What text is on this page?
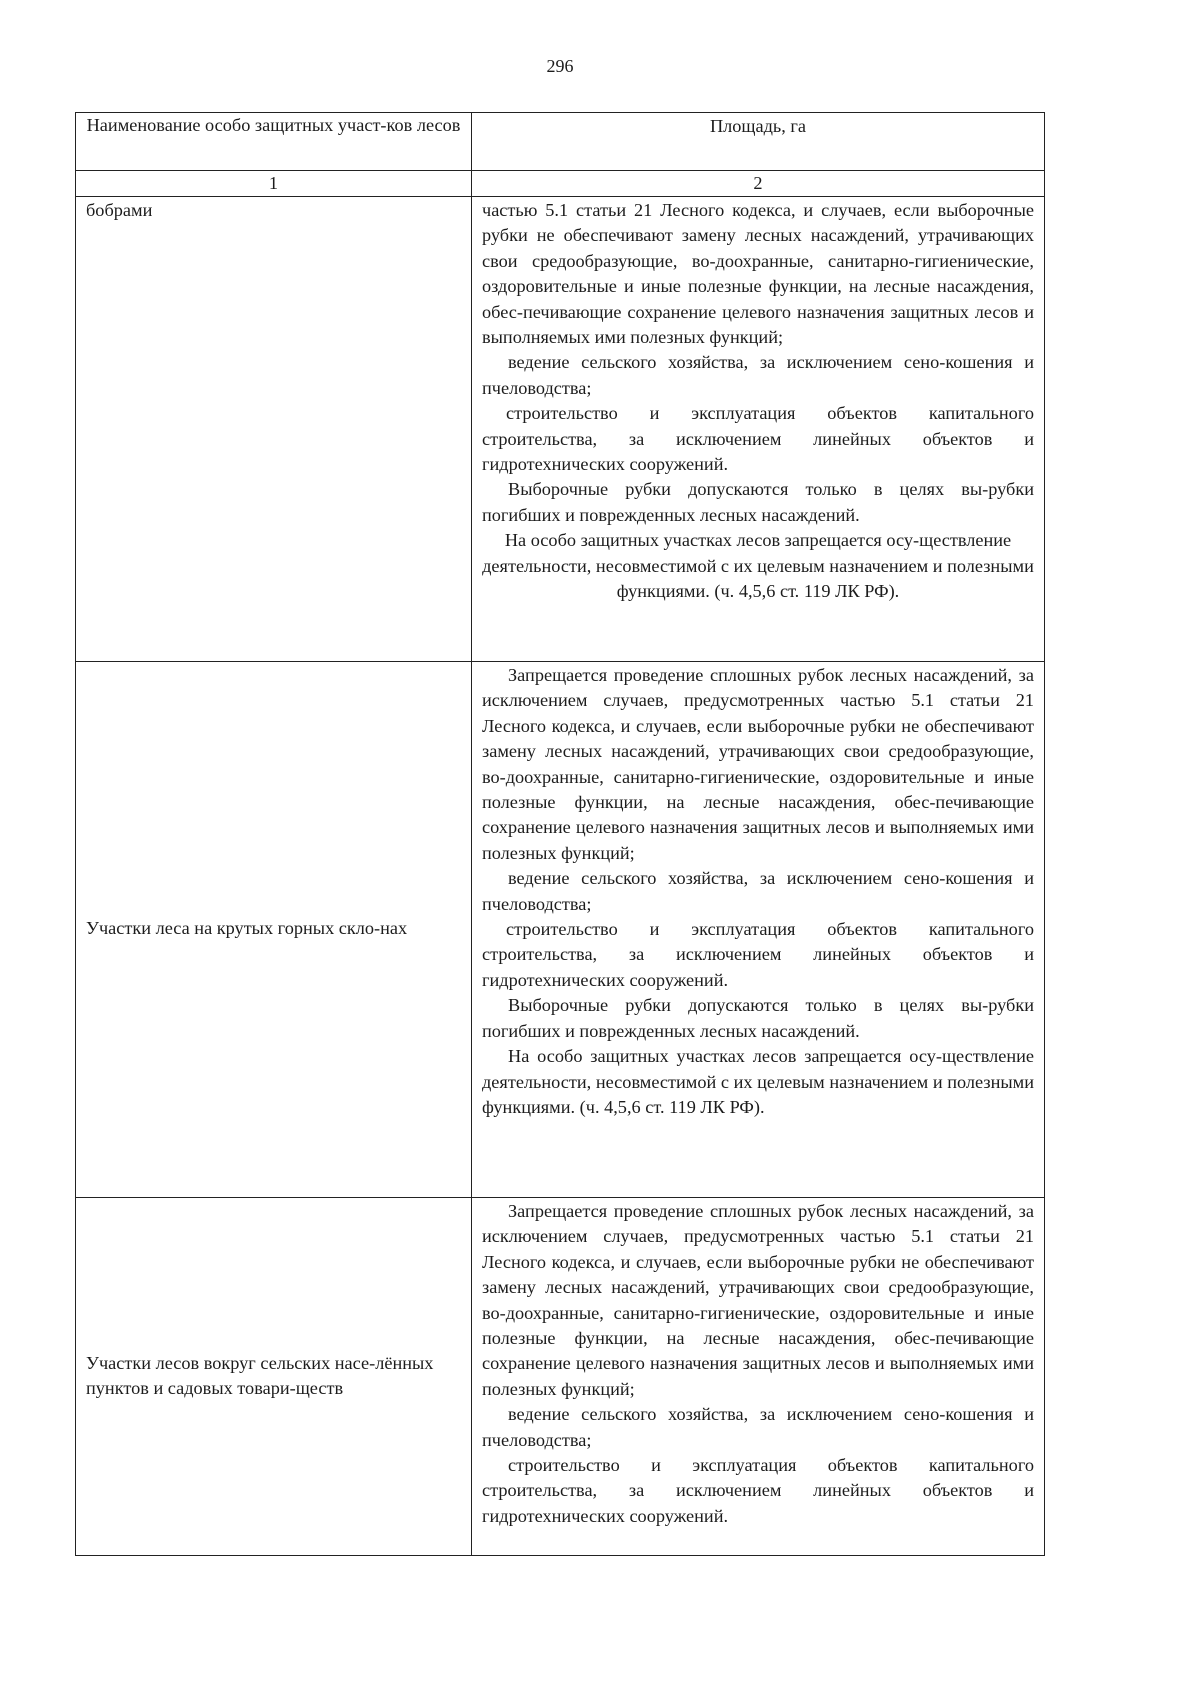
296
Наименование особо защитных участ-ков лесов	Площадь, га
1	2
бобрами	частью 5.1 статьи 21 Лесного кодекса, и случаев, если выборочные рубки не обеспечивают замену лесных насаждений, утрачивающих свои средообразующие, во-доохранные, санитарно-гигиенические, оздоровительные и иные полезные функции, на лесные насаждения, обес-печивающие сохранение целевого назначения защитных лесов и выполняемых ими полезных функций;

ведение сельского хозяйства, за исключением сено-кошения и пчеловодства;

строительство и эксплуатация объектов капитального строительства, за исключением линейных объектов и гидротехнических сооружений.

Выборочные рубки допускаются только в целях вы-рубки погибших и поврежденных лесных насаждений.

На особо защитных участках лесов запрещается осу-ществление деятельности, несовместимой с их целевым назначением и полезными функциями. (ч. 4,5,6 ст. 119 ЛК РФ).

Участки леса на крутых горных скло-нах	Запрещается проведение сплошных рубок лесных насаждений, за исключением случаев, предусмотренных частью 5.1 статьи 21 Лесного кодекса, и случаев, если выборочные рубки не обеспечивают замену лесных насаждений, утрачивающих свои средообразующие, во-доохранные, санитарно-гигиенические, оздоровительные и иные полезные функции, на лесные насаждения, обес-печивающие сохранение целевого назначения защитных лесов и выполняемых ими полезных функций;

ведение сельского хозяйства, за исключением сено-кошения и пчеловодства;

строительство и эксплуатация объектов капитального строительства, за исключением линейных объектов и гидротехнических сооружений.

Выборочные рубки допускаются только в целях вы-рубки погибших и поврежденных лесных насаждений.

На особо защитных участках лесов запрещается осу-ществление деятельности, несовместимой с их целевым назначением и полезными функциями. (ч. 4,5,6 ст. 119 ЛК РФ).

Участки лесов вокруг сельских насе-лённых пунктов и садовых товари-ществ	Запрещается проведение сплошных рубок лесных насаждений, за исключением случаев, предусмотренных частью 5.1 статьи 21 Лесного кодекса, и случаев, если выборочные рубки не обеспечивают замену лесных насаждений, утрачивающих свои средообразующие, во-доохранные, санитарно-гигиенические, оздоровительные и иные полезные функции, на лесные насаждения, обес-печивающие сохранение целевого назначения защитных лесов и выполняемых ими полезных функций;

ведение сельского хозяйства, за исключением сено-кошения и пчеловодства;

строительство и эксплуатация объектов капитального строительства, за исключением линейных объектов и гидротехнических сооружений.
